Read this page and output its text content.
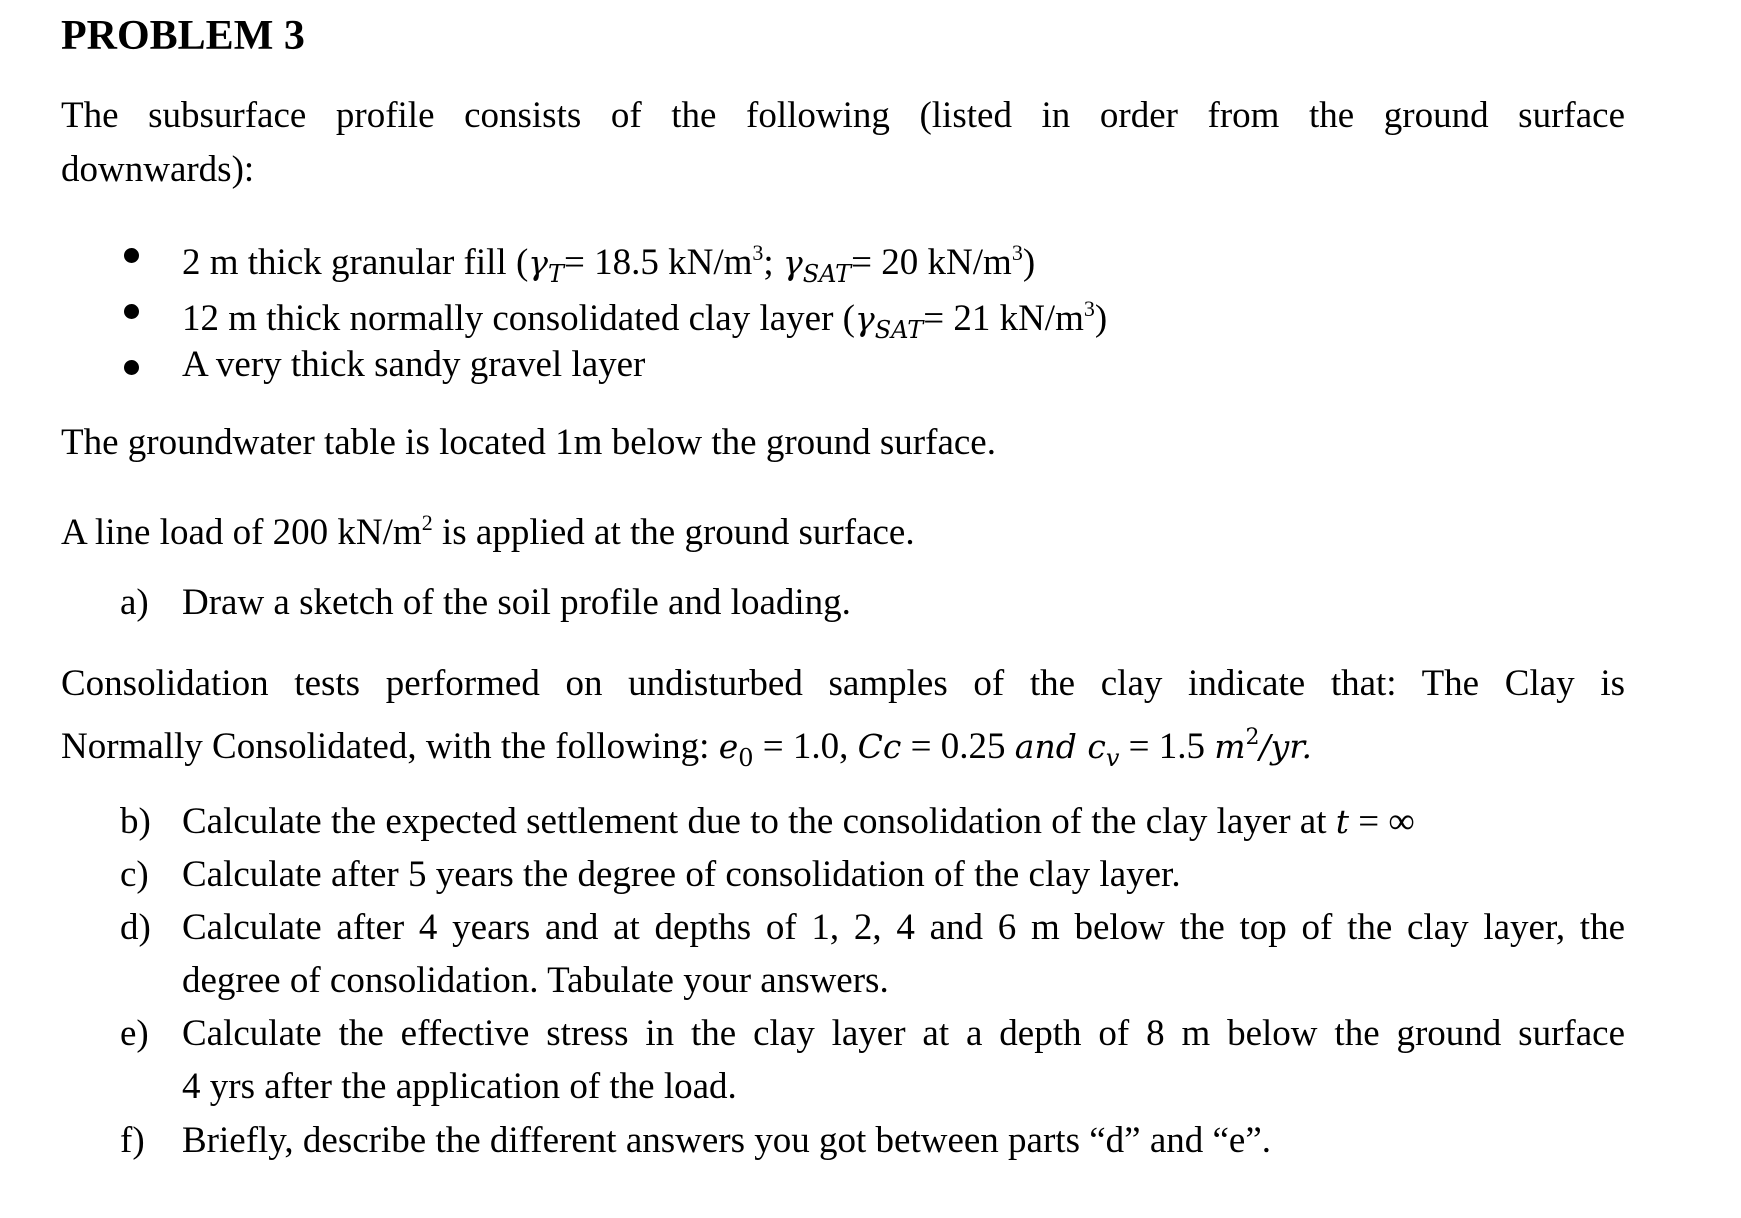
PROBLEM 3
The subsurface profile consists of the following (listed in order from the ground surface
downwards):
2 m thick granular fill ($\gamma_T= 18.5$ $kN/m^3$; $\gamma_{SAT}= 20$ $kN/m^3$)
12 m thick normally consolidated clay layer ($\gamma_{SAT}= 21$ $kN/m^3$)
A very thick sandy gravel layer
The groundwater table is located 1m below the ground surface.
A line load of 200 $kN/m^2$ is applied at the ground surface.
a) Draw a sketch of the soil profile and loading.
Consolidation tests performed on undisturbed samples of the clay indicate that: The Clay is
Normally Consolidated, with the following: $e_0 = 1.0$, Cc = 0.25 and $c_v = 1.5$ $m^2/yr$.
b) Calculate the expected settlement due to the consolidation of the clay layer at t = ∞
c) Calculate after 5 years the degree of consolidation of the clay layer.
d) Calculate after 4 years and at depths of 1, 2, 4 and 6 m below the top of the clay layer, the
degree of consolidation. Tabulate your answers.
e) Calculate the effective stress in the clay layer at a depth of 8 m below the ground surface
4 yrs after the application of the load.
f) Briefly, describe the different answers you got between parts “d” and “e”.
